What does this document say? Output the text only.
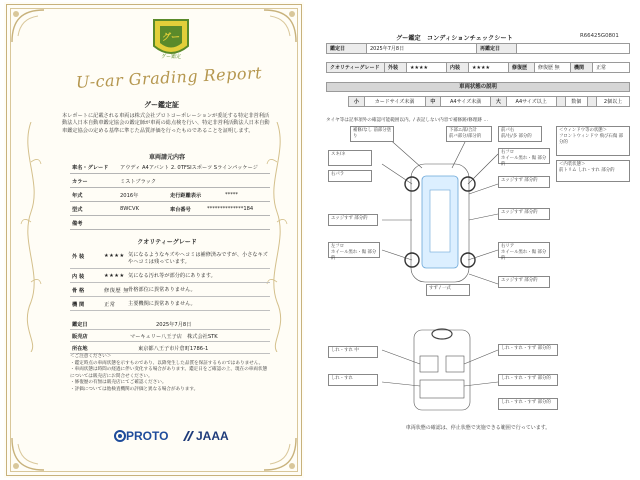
グー
グー鑑定
U-car Grading Report
グー鑑定証
本レポートに記載される車両は株式会社プロトコーポレーションが委託する特定非営利活動法人日本自動車鑑定協会の鑑定師が車両の総点検を行い、特定非営利活動法人日本自動車鑑定協会の定める基準に準じた品質評価を行ったものであることを証明します。
車両請元内容
車名・グレード アウディ A4アバント 2. 0TFSIスポーツ Sラインパッケージ
カラー	ミストブラック
年式	2016年	走行距離表示	*****
型式	8WCVK	車台番号	**************184
備考
クオリティーグレード
外 装	★★★★ 気になるようなキズやヘコミは補修済みですが、小さなキズやヘコミは残っています。
内 装	★★★★ 気になる汚れ等が部分的にあります。
骨 格	修復歴 無 骨格部位に異常ありません。
機 関	正常 主要機関に異常ありません。
鑑定日	2025年7月8日
販売店	マーキュリー八王子店　株式会社STK
所在地	東京都八王子市片倉町1786-1
＜ご注意ください＞
・鑑定時点の車両状態を示すものであり、以降発生した品質を保証するものではありません。
・車両状態は時間の経過に伴い変化する場合があります。鑑定日をご確認の上、現在の車両状態については販売店にお問合せください。
・修復歴の有無は販売店にてご確認ください。
・評価については他検査機関の評価と異なる場合があります。
PROTO JAAA
グー鑑定　コンディションチェックシート	R66425G0801
鑑定日	2025年7月8日	再鑑定日	
クオリティーグレード	外装	★★★★	内装	★★★★	修復歴	修復歴 無	機関	正常
車両状態の説明
小	カードサイズ未満	中	A4サイズ未満	大	A4サイズ以上		数個		2個以上
タイヤ等は記事項外の確認可能範囲以内。/ 表記しない内容で補修跡/修理跡 ...
補修/なし 前部分塗り
下部エ部/合計
前バ部分/部分的
前パ右
前/右/多 部分的
＜ウィンドウ等の状態＞
フロントウィンドウ 飛び石傷 部分的
＜内装状態＞
前トリム しれ・すれ 部分的
スキ/ネ	右フロ
ホイール黒れ・傷 部分的
右パラ
エッジすず 部分的
エッジすず 部分的
エッジすず 部分的
左フロ
ホイール黒れ・傷 部分的
右リア
ホイール黒れ・傷 部分的
エッジすず 部分的
すず / 一式
しれ・すれ 中
しれ・すれ
しれ・すれ・すず 部分的
しれ・すれ・すず 部分的
しれ・すれ・すず 部分的
車両状態の確認は、停止状態で実施できる範囲で行っています。
